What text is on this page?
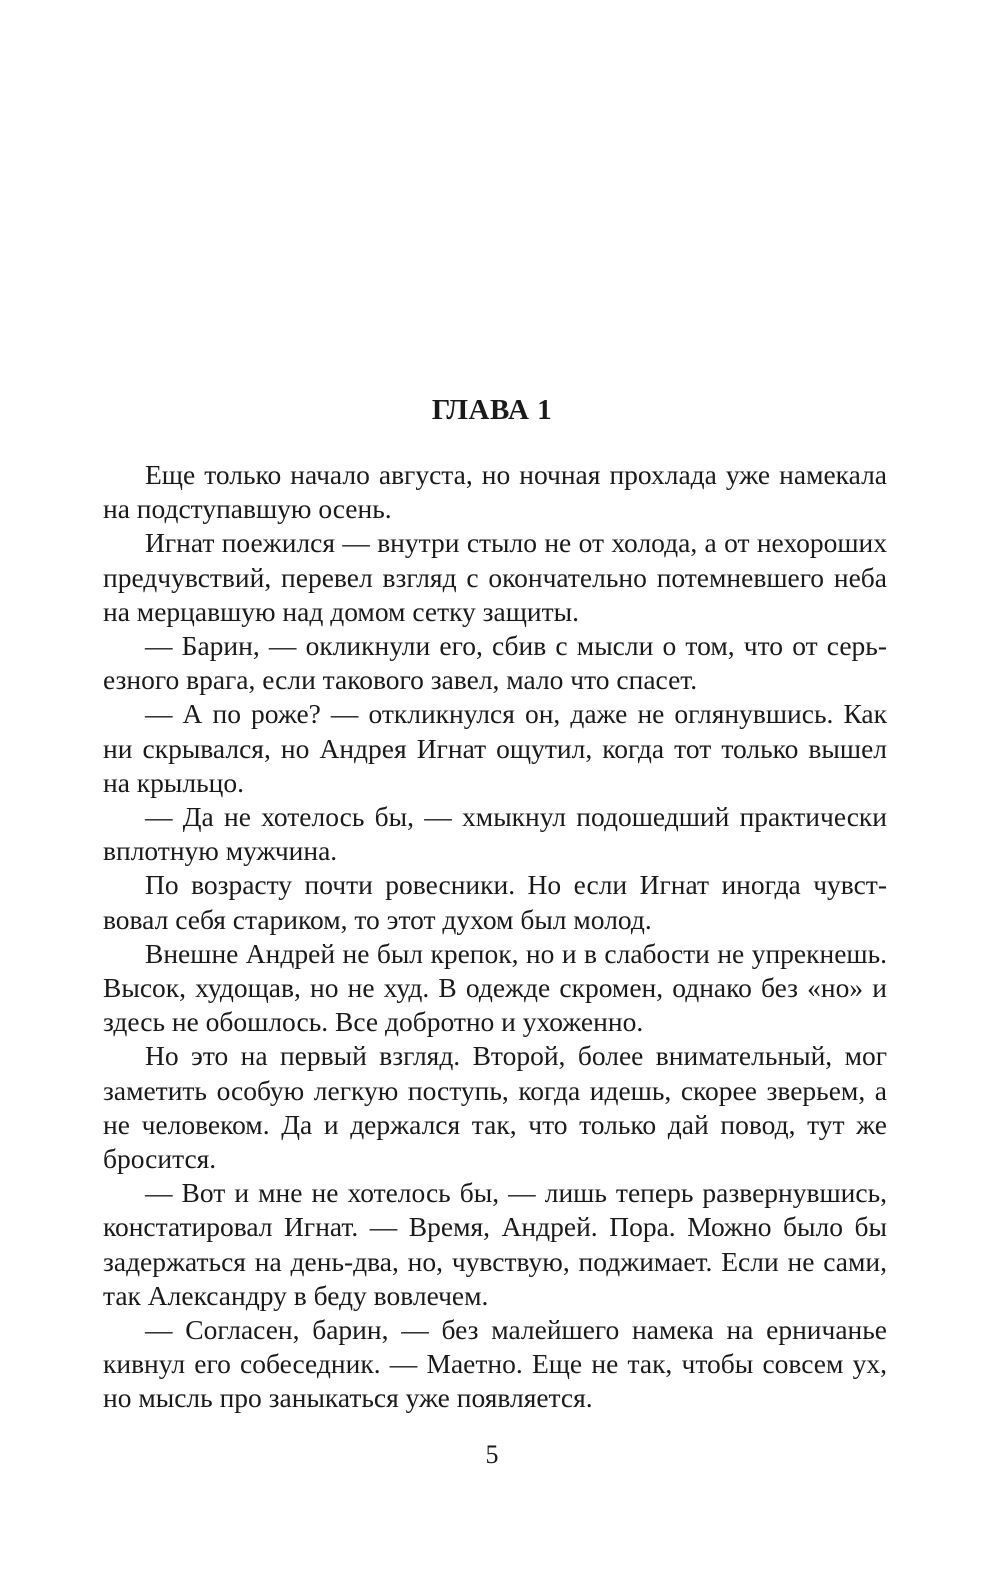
ГЛАВА 1

Еще только начало августа, но ночная прохлада уже намекала на подступавшую осень.

Игнат поежился — внутри стыло не от холода, а от нехороших предчувствий, перевел взгляд с окончательно потемневшего неба на мерцавшую над домом сетку защиты.

— Барин, — окликнули его, сбив с мысли о том, что от серьезного врага, если такового завел, мало что спасет.

— А по роже? — откликнулся он, даже не оглянувшись. Как ни скрывался, но Андрея Игнат ощутил, когда тот только вышел на крыльцо.

— Да не хотелось бы, — хмыкнул подошедший практически вплотную мужчина.

По возрасту почти ровесники. Но если Игнат иногда чувствовал себя стариком, то этот духом был молод.

Внешне Андрей не был крепок, но и в слабости не упрекнешь. Высок, худощав, но не худ. В одежде скромен, однако без «но» и здесь не обошлось. Все добротно и ухоженно.

Но это на первый взгляд. Второй, более внимательный, мог заметить особую легкую поступь, когда идешь, скорее зверьем, а не человеком. Да и держался так, что только дай повод, тут же бросится.

— Вот и мне не хотелось бы, — лишь теперь развернувшись, констатировал Игнат. — Время, Андрей. Пора. Можно было бы задержаться на день-два, но, чувствую, поджимает. Если не сами, так Александру в беду вовлечем.

— Согласен, барин, — без малейшего намека на ерничанье кивнул его собеседник. — Маетно. Еще не так, чтобы совсем ух, но мысль про заныкаться уже появляется.

5
